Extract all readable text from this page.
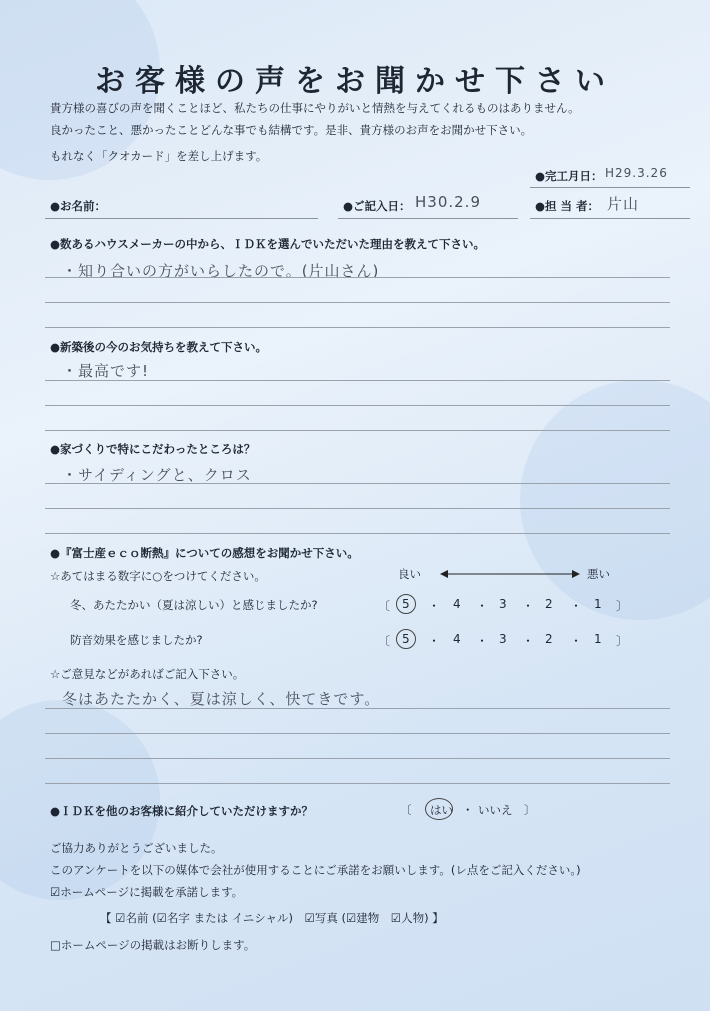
お客様の声をお聞かせ下さい
貴方様の喜びの声を聞くことほど、私たちの仕事にやりがいと情熱を与えてくれるものはありません。
良かったこと、悪かったことどんな事でも結構です。是非、貴方様のお声をお聞かせ下さい。
もれなく「クオカード」を差し上げます。
●完工月日： H29.3.26
●お名前：	●ご記入日： H30.2.9	●担 当 者： 片山
●数あるハウスメーカーの中から、ＩＤＫを選んでいただいた理由を教えて下さい。
・知り合いの方がいらしたので。(片山さん)
●新築後の今のお気持ちを教えて下さい。
・最高です!
●家づくりで特にこだわったところは？
・サイディングと、クロス
●『富士産ｅｃｏ断熱』についての感想をお聞かせ下さい。
☆あてはまる数字に○をつけてください。	良い	悪い
冬、あたたかい（夏は涼しい）と感じましたか?	〔 5 ・ 4 ・ 3 ・ 2 ・ 1 〕
防音効果を感じましたか?	〔 5 ・ 4 ・ 3 ・ 2 ・ 1 〕
☆ご意見などがあればご記入下さい。
冬はあたたかく、夏は涼しく、快てきです。
●ＩＤＫを他のお客様に紹介していただけますか？	〔 はい ・ いいえ 〕
ご協力ありがとうございました。
このアンケートを以下の媒体で会社が使用することにご承諾をお願いします。(レ点をご記入ください。)
☑ホームページに掲載を承諾します。
【 ☑名前 (☑名字 または イニシャル)　☑写真 (☑建物　☑人物) 】
□ホームページの掲載はお断りします。
